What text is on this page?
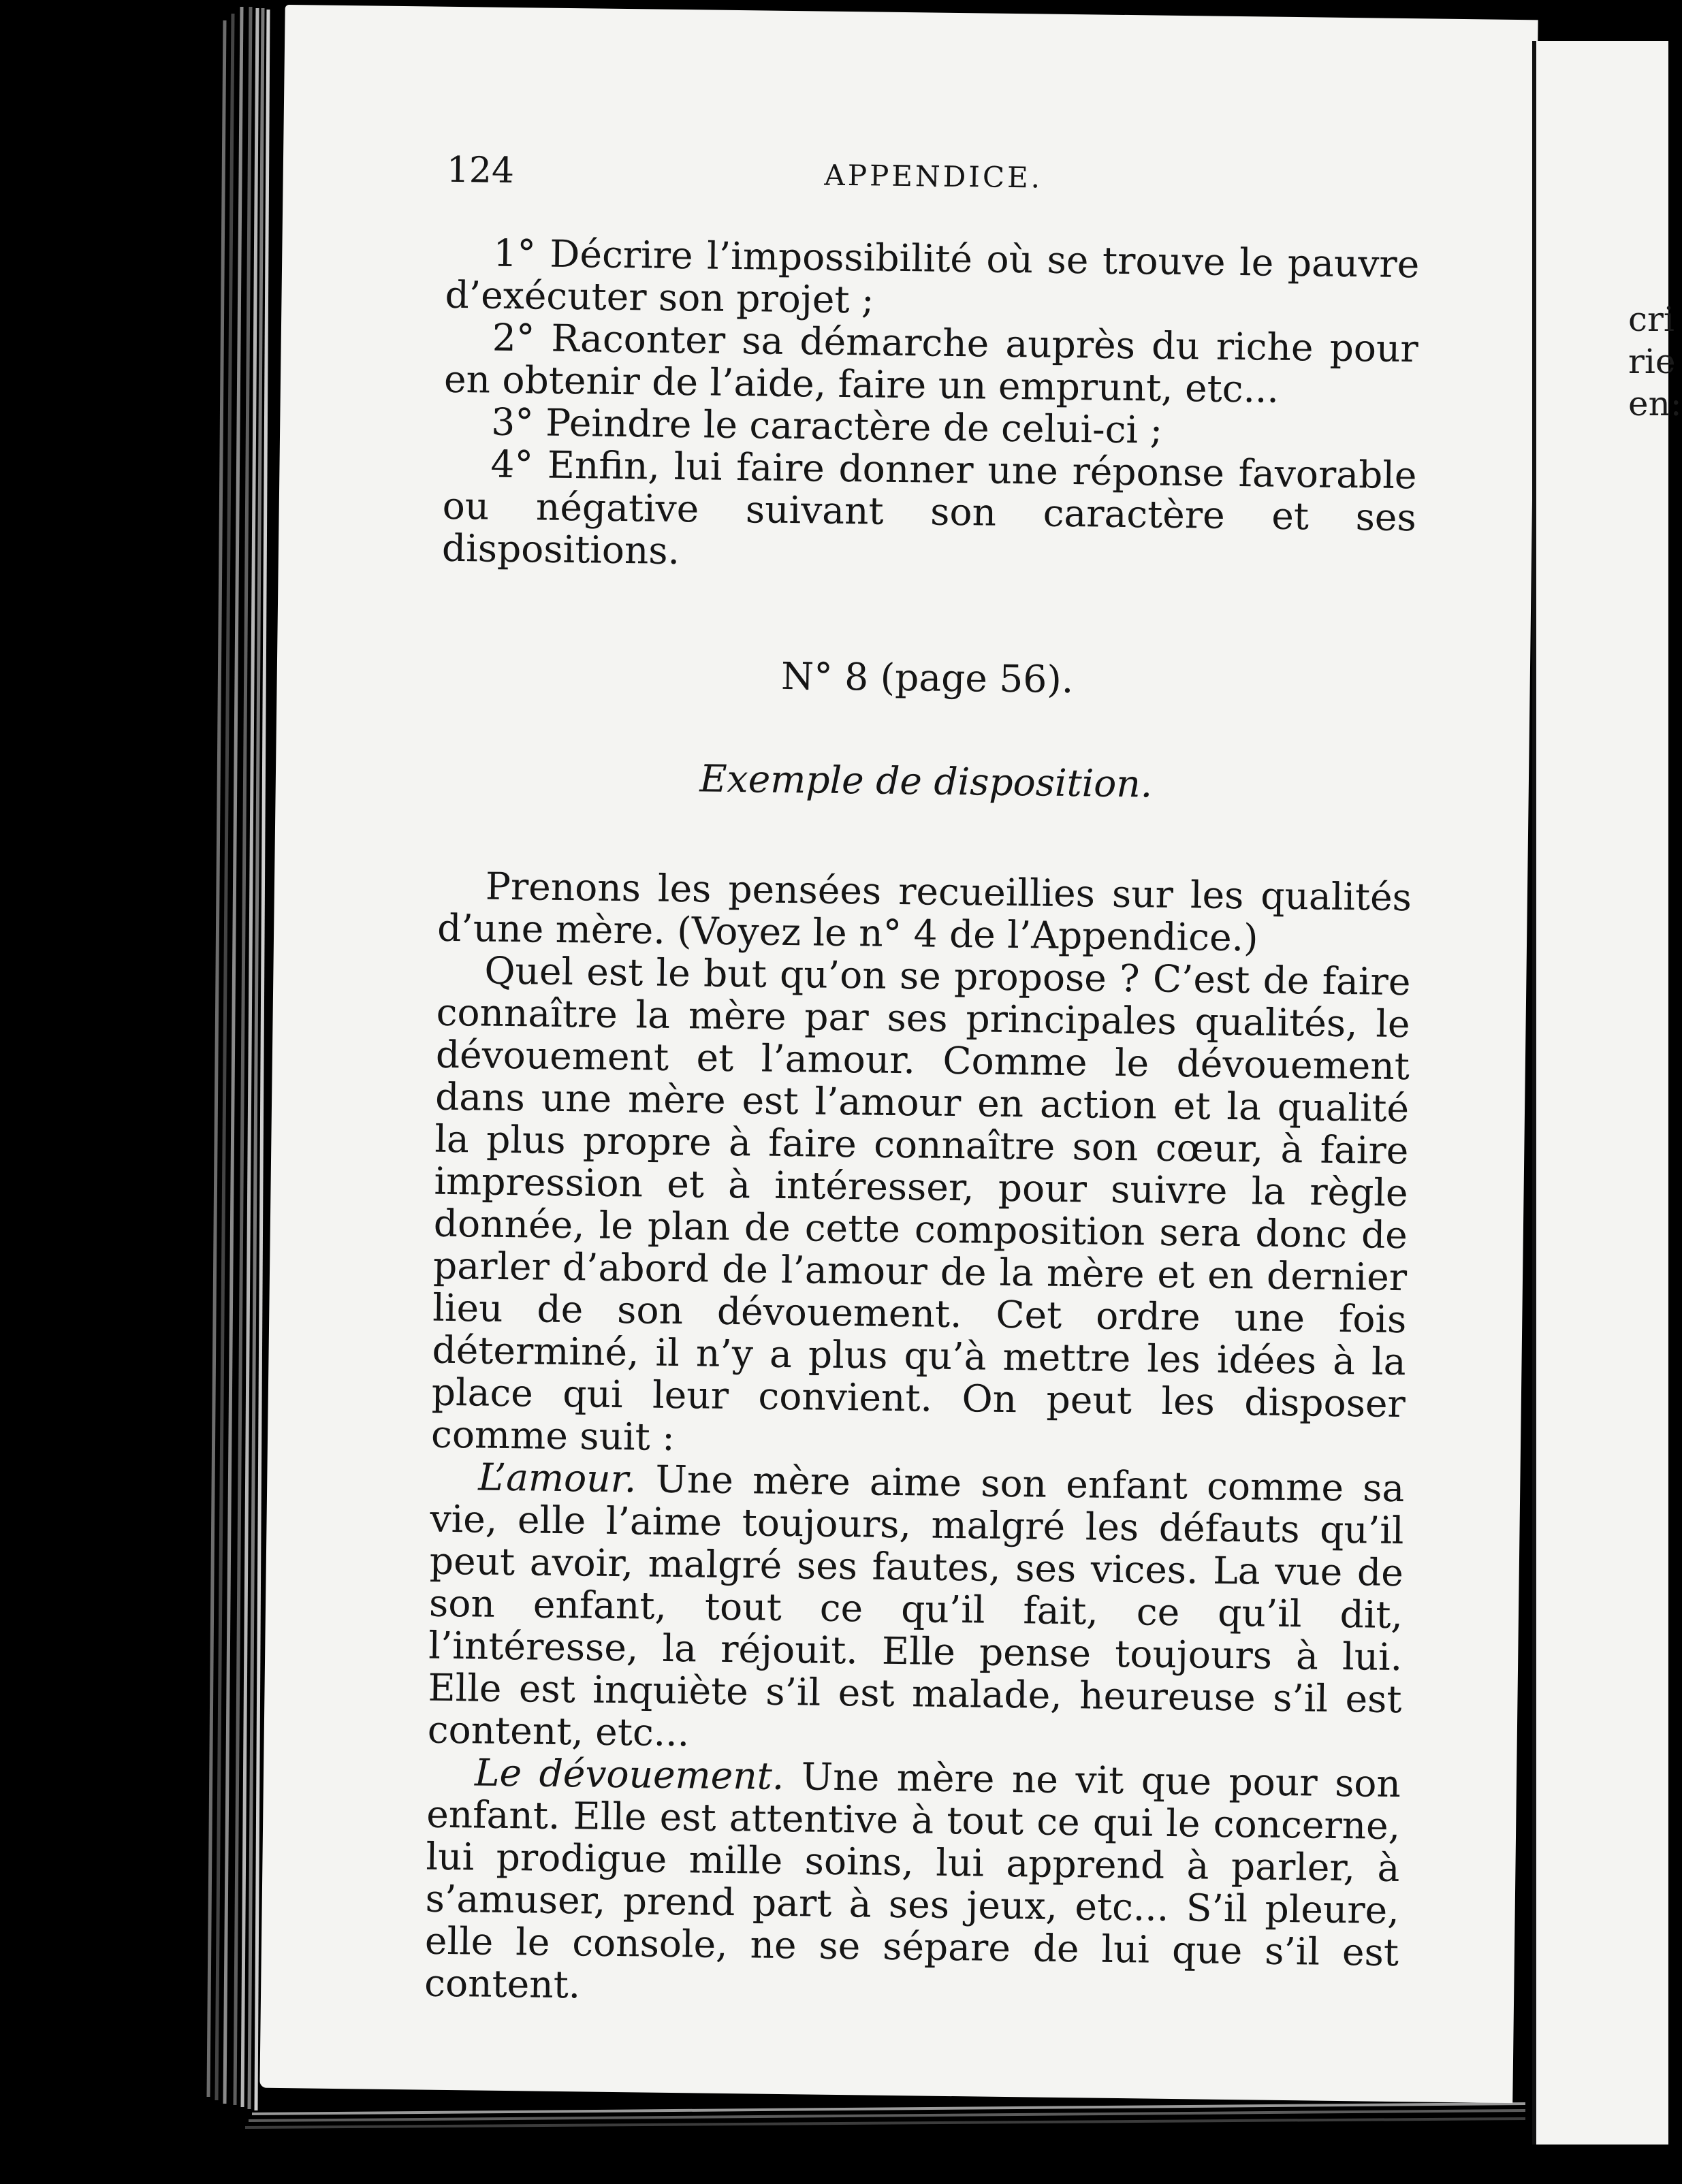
124	APPENDICE.

1° Décrire l’impossibilité où se trouve le pauvre d’exécuter son projet ;

2° Raconter sa démarche auprès du riche pour en obtenir de l’aide, faire un emprunt, etc...

3° Peindre le caractère de celui-ci ;

4° Enfin, lui faire donner une réponse favorable ou négative suivant son caractère et ses dispositions.

N° 8 (page 56).

Exemple de disposition.

Prenons les pensées recueillies sur les qualités d’une mère. (Voyez le n° 4 de l’Appendice.)

Quel est le but qu’on se propose ? C’est de faire connaître la mère par ses principales qualités, le dévouement et l’amour. Comme le dévouement dans une mère est l’amour en action et la qualité la plus propre à faire connaître son cœur, à faire impression et à intéresser, pour suivre la règle donnée, le plan de cette composition sera donc de parler d’abord de l’amour de la mère et en dernier lieu de son dévouement. Cet ordre une fois déterminé, il n’y a plus qu’à mettre les idées à la place qui leur convient. On peut les disposer comme suit :

L’amour. Une mère aime son enfant comme sa vie, elle l’aime toujours, malgré les défauts qu’il peut avoir, malgré ses fautes, ses vices. La vue de son enfant, tout ce qu’il fait, ce qu’il dit, l’intéresse, la réjouit. Elle pense toujours à lui. Elle est inquiète s’il est malade, heureuse s’il est content, etc...

Le dévouement. Une mère ne vit que pour son enfant. Elle est attentive à tout ce qui le concerne, lui prodigue mille soins, lui apprend à parler, à s’amuser, prend part à ses jeux, etc... S’il pleure, elle le console, ne se sépare de lui que s’il est content.

cri
rie
en:
